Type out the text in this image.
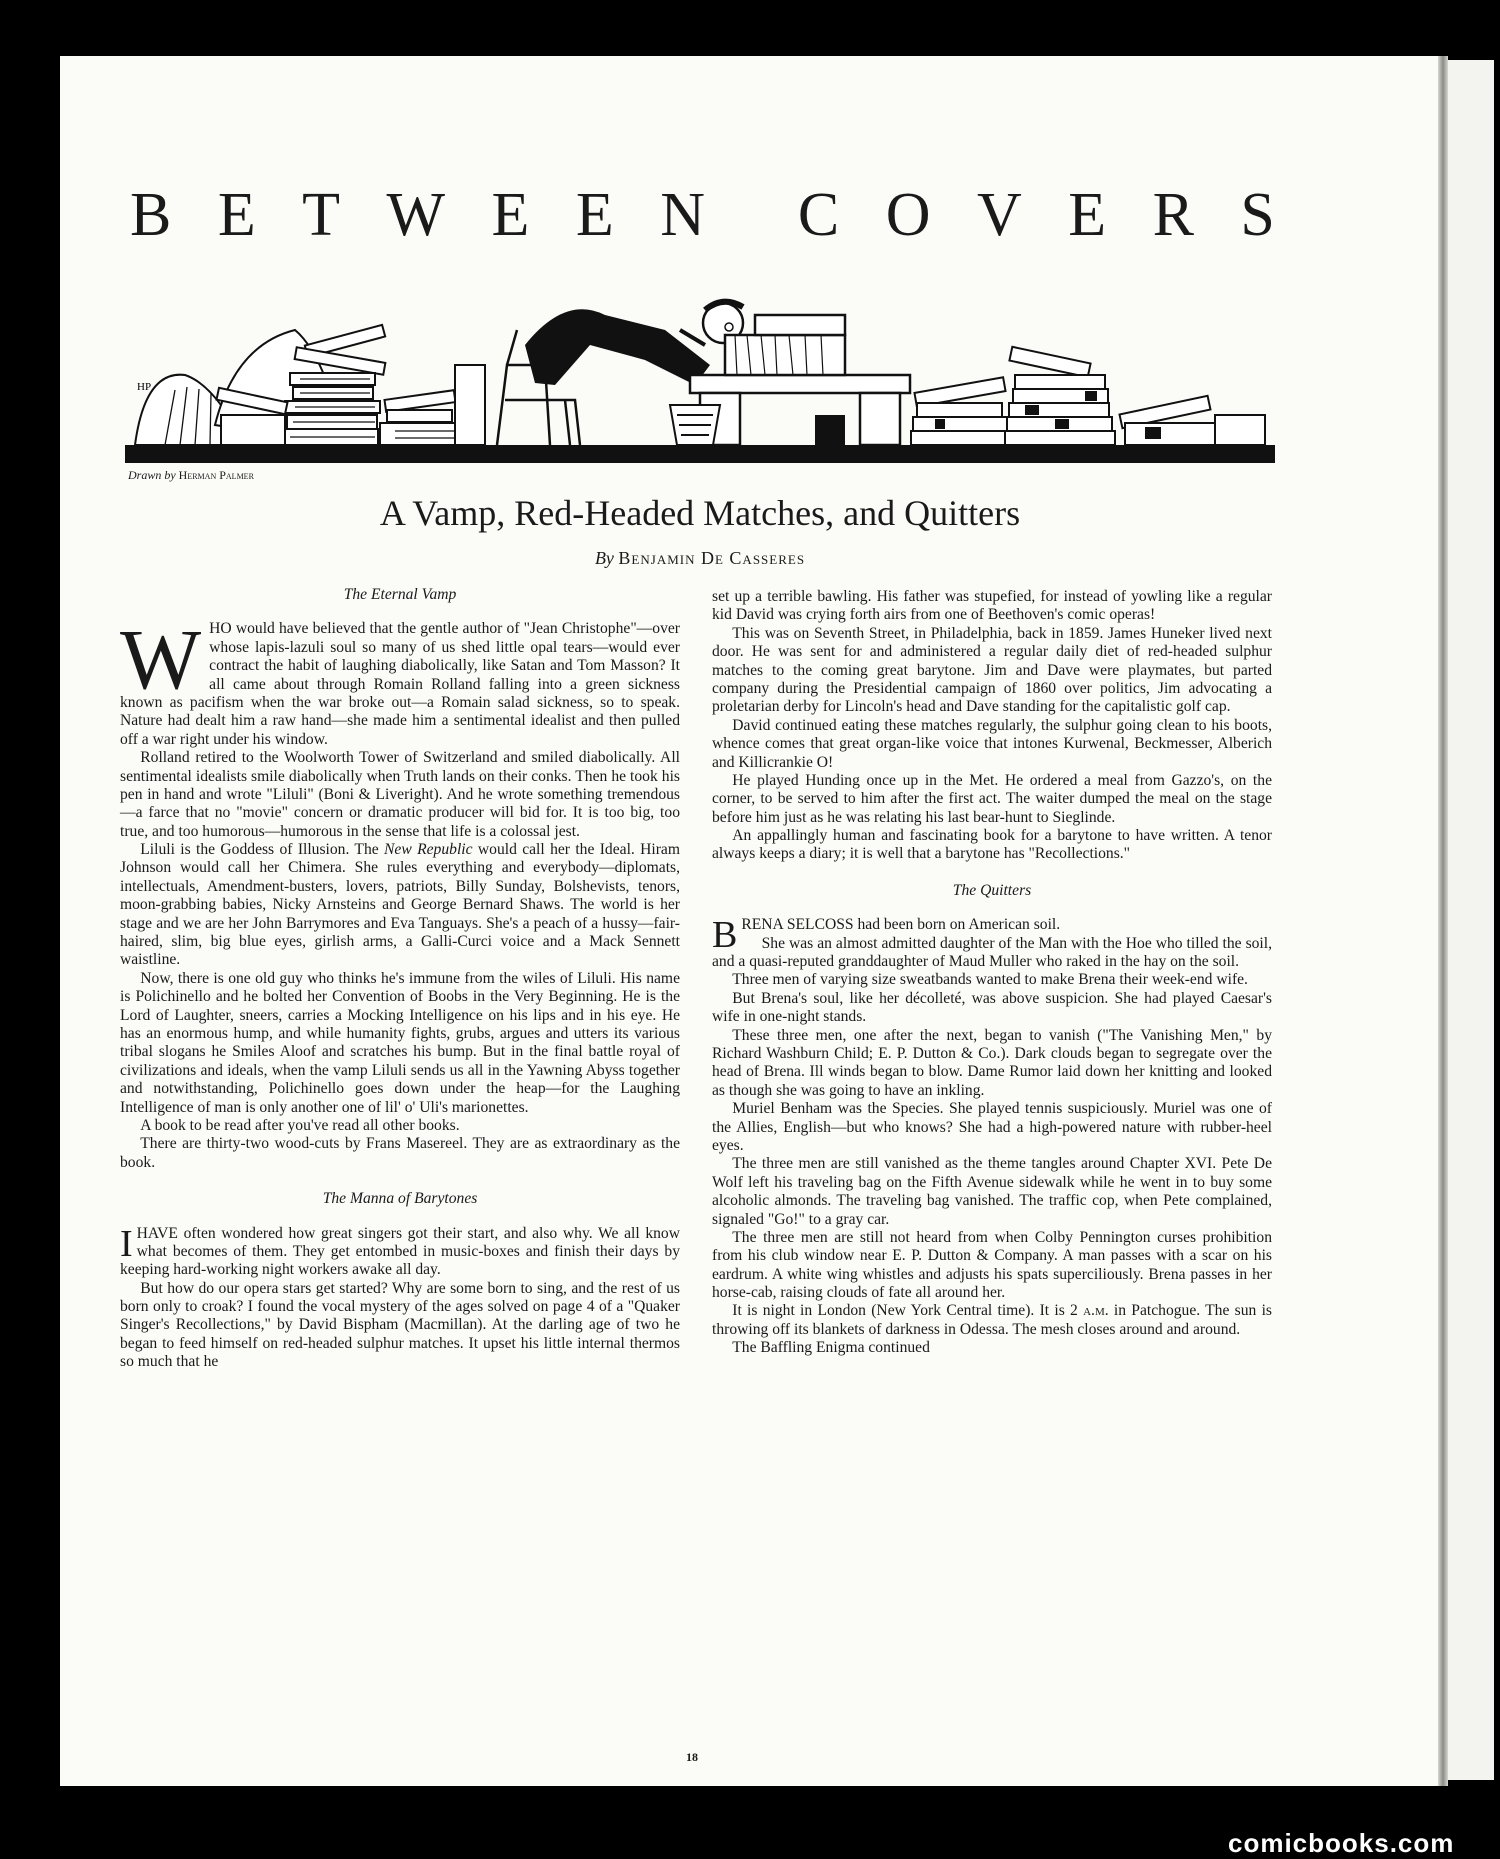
B E T W E E N C O V E R S
HP
Drawn by Herman Palmer
A Vamp, Red-Headed Matches, and Quitters
By Benjamin De Casseres
The Eternal Vamp

WHO would have believed that the gentle author of "Jean Christophe"—over whose lapis-lazuli soul so many of us shed little opal tears—would ever contract the habit of laughing diabolically, like Satan and Tom Masson? It all came about through Romain Rolland falling into a green sickness known as pacifism when the war broke out—a Romain salad sickness, so to speak. Nature had dealt him a raw hand—she made him a sentimental idealist and then pulled off a war right under his window.

Rolland retired to the Woolworth Tower of Switzerland and smiled diabolically. All sentimental idealists smile diabolically when Truth lands on their conks. Then he took his pen in hand and wrote "Liluli" (Boni & Liveright). And he wrote something tremendous—a farce that no "movie" concern or dramatic producer will bid for. It is too big, too true, and too humorous—humorous in the sense that life is a colossal jest.

Liluli is the Goddess of Illusion. The New Republic would call her the Ideal. Hiram Johnson would call her Chimera. She rules everything and everybody—diplomats, intellectuals, Amendment-busters, lovers, patriots, Billy Sunday, Bolshevists, tenors, moon-grabbing babies, Nicky Arnsteins and George Bernard Shaws. The world is her stage and we are her John Barrymores and Eva Tanguays. She's a peach of a hussy—fair-haired, slim, big blue eyes, girlish arms, a Galli-Curci voice and a Mack Sennett waistline.

Now, there is one old guy who thinks he's immune from the wiles of Liluli. His name is Polichinello and he bolted her Convention of Boobs in the Very Beginning. He is the Lord of Laughter, sneers, carries a Mocking Intelligence on his lips and in his eye. He has an enormous hump, and while humanity fights, grubs, argues and utters its various tribal slogans he Smiles Aloof and scratches his bump. But in the final battle royal of civilizations and ideals, when the vamp Liluli sends us all in the Yawning Abyss together and notwithstanding, Polichinello goes down under the heap—for the Laughing Intelligence of man is only another one of lil' o' Uli's marionettes.

A book to be read after you've read all other books.

There are thirty-two wood-cuts by Frans Masereel. They are as extraordinary as the book.

The Manna of Barytones

I HAVE often wondered how great singers got their start, and also why. We all know what becomes of them. They get entombed in music-boxes and finish their days by keeping hard-working night workers awake all day.

But how do our opera stars get started? Why are some born to sing, and the rest of us born only to croak? I found the vocal mystery of the ages solved on page 4 of a "Quaker Singer's Recollections," by David Bispham (Macmillan). At the darling age of two he began to feed himself on red-headed sulphur matches. It upset his little internal thermos so much that he

set up a terrible bawling. His father was stupefied, for instead of yowling like a regular kid David was crying forth airs from one of Beethoven's comic operas!

This was on Seventh Street, in Philadelphia, back in 1859. James Huneker lived next door. He was sent for and administered a regular daily diet of red-headed sulphur matches to the coming great barytone. Jim and Dave were playmates, but parted company during the Presidential campaign of 1860 over politics, Jim advocating a proletarian derby for Lincoln's head and Dave standing for the capitalistic golf cap.

David continued eating these matches regularly, the sulphur going clean to his boots, whence comes that great organ-like voice that intones Kurwenal, Beckmesser, Alberich and Killicrankie O!

He played Hunding once up in the Met. He ordered a meal from Gazzo's, on the corner, to be served to him after the first act. The waiter dumped the meal on the stage before him just as he was relating his last bear-hunt to Sieglinde.

An appallingly human and fascinating book for a barytone to have written. A tenor always keeps a diary; it is well that a barytone has "Recollections."

The Quitters

BRENA SELCOSS had been born on American soil.

She was an almost admitted daughter of the Man with the Hoe who tilled the soil, and a quasi-reputed granddaughter of Maud Muller who raked in the hay on the soil.

Three men of varying size sweatbands wanted to make Brena their week-end wife.

But Brena's soul, like her décolleté, was above suspicion. She had played Caesar's wife in one-night stands.

These three men, one after the next, began to vanish ("The Vanishing Men," by Richard Washburn Child; E. P. Dutton & Co.). Dark clouds began to segregate over the head of Brena. Ill winds began to blow. Dame Rumor laid down her knitting and looked as though she was going to have an inkling.

Muriel Benham was the Species. She played tennis suspiciously. Muriel was one of the Allies, English—but who knows? She had a high-powered nature with rubber-heel eyes.

The three men are still vanished as the theme tangles around Chapter XVI. Pete De Wolf left his traveling bag on the Fifth Avenue sidewalk while he went in to buy some alcoholic almonds. The traveling bag vanished. The traffic cop, when Pete complained, signaled "Go!" to a gray car.

The three men are still not heard from when Colby Pennington curses prohibition from his club window near E. P. Dutton & Company. A man passes with a scar on his eardrum. A white wing whistles and adjusts his spats superciliously. Brena passes in her horse-cab, raising clouds of fate all around her.

It is night in London (New York Central time). It is 2 a.m. in Patchogue. The sun is throwing off its blankets of darkness in Odessa. The mesh closes around and around.

The Baffling Enigma continued

18
comicbooks.com
